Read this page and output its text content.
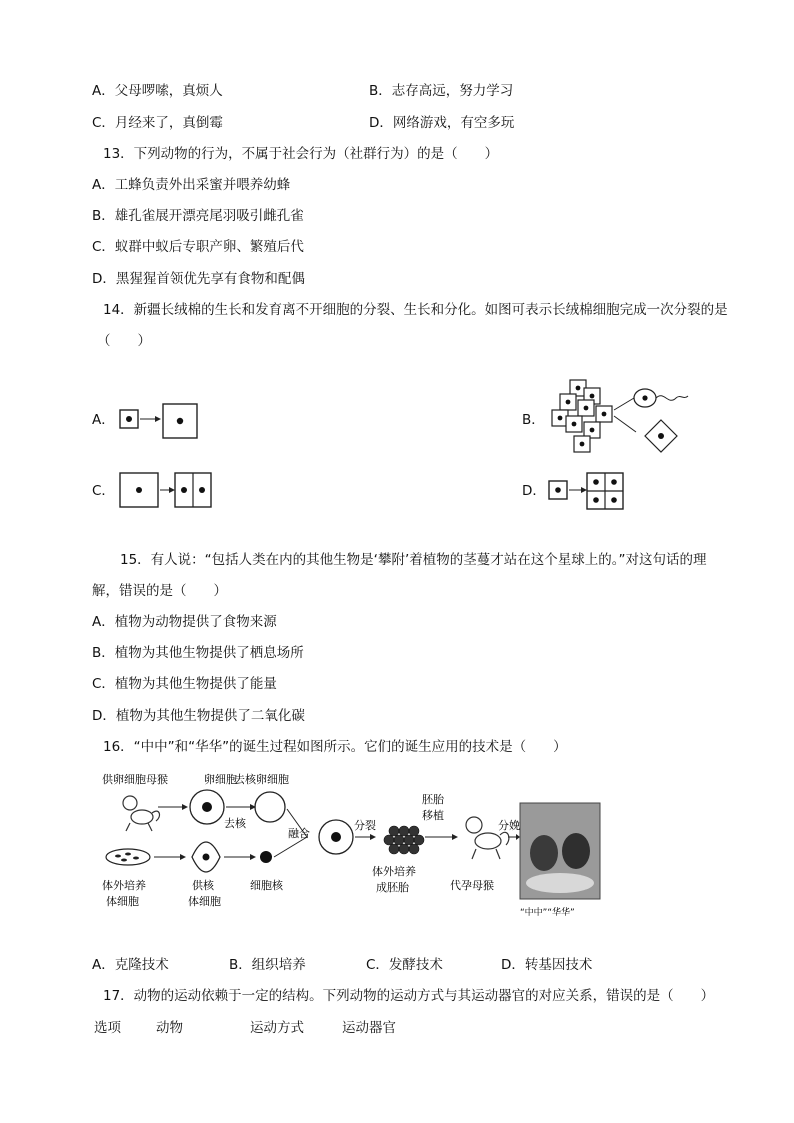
A．父母啰嗦，真烦人	B．志存高远，努力学习
C．月经来了，真倒霉	D．网络游戏，有空多玩
13．下列动物的行为，不属于社会行为（社群行为）的是（　　）
A．工蜂负责外出采蜜并喂养幼蜂
B．雄孔雀展开漂亮尾羽吸引雌孔雀
C．蚁群中蚁后专职产卵、繁殖后代
D．黑猩猩首领优先享有食物和配偶
14．新疆长绒棉的生长和发育离不开细胞的分裂、生长和分化。如图可表示长绒棉细胞完成一次分裂的是
（　　）
A．	B．
C．	D．
15．有人说：“包括人类在内的其他生物是‘攀附’着植物的茎蔓才站在这个星球上的。”对这句话的理
解，错误的是（　　）
A．植物为动物提供了食物来源
B．植物为其他生物提供了栖息场所
C．植物为其他生物提供了能量
D．植物为其他生物提供了二氧化碳
16．“中中”和“华华”的诞生过程如图所示。它们的诞生应用的技术是（　　）
供卵细胞母猴	卵细胞
去核
去核卵细胞
体外培养
体细胞
供核
体细胞
细胞核
融合
分裂
体外培养
成胚胎
胚胎
移植
代孕母猴
分娩
“中中”“华华”
A．克隆技术	B．组织培养	C．发酵技术	D．转基因技术
17．动物的运动依赖于一定的结构。下列动物的运动方式与其运动器官的对应关系，错误的是（　　）
选项	动物	运动方式	运动器官
